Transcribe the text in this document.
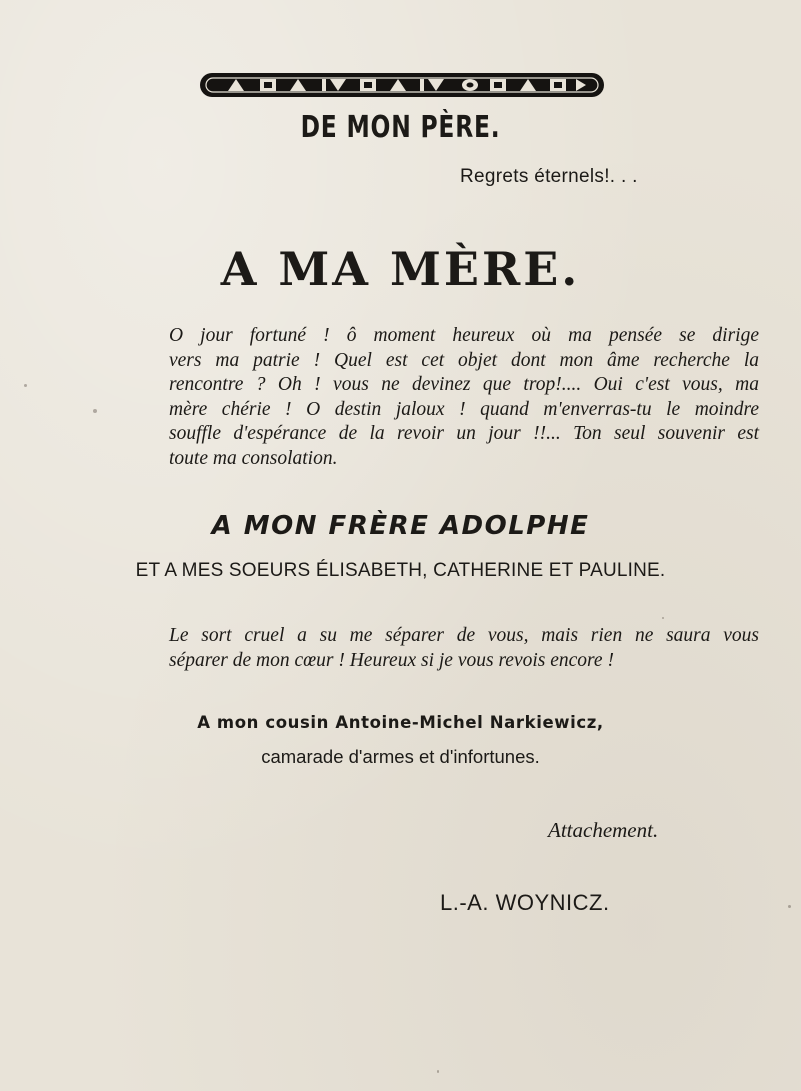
DE MON PÈRE.
Regrets éternels!. . .
A MA MÈRE.
O jour fortuné ! ô moment heureux où ma pensée se dirige
vers ma patrie ! Quel est cet objet dont mon âme recherche la
rencontre ? Oh ! vous ne devinez que trop!.... Oui c'est vous, ma
mère chérie ! O destin jaloux ! quand m'enverras-tu le moindre
souffle d'espérance de la revoir un jour !!... Ton seul souvenir est
toute ma consolation.
A MON FRÈRE ADOLPHE
ET A MES SOEURS ÉLISABETH, CATHERINE ET PAULINE.
Le sort cruel a su me séparer de vous, mais rien ne saura vous
séparer de mon cœur ! Heureux si je vous revois encore !
A mon cousin Antoine-Michel Narkiewicz,
camarade d'armes et d'infortunes.
Attachement.
L.-A. WOYNICZ.
